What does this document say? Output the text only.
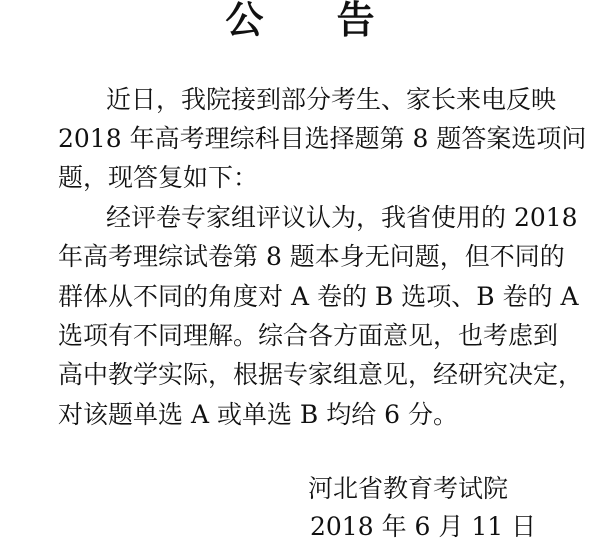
公 告
近日，我院接到部分考生、家长来电反映
2018 年高考理综科目选择题第 8 题答案选项问
题，现答复如下：
经评卷专家组评议认为，我省使用的 2018
年高考理综试卷第 8 题本身无问题，但不同的
群体从不同的角度对 A 卷的 B 选项、B 卷的 A
选项有不同理解。综合各方面意见，也考虑到
高中教学实际，根据专家组意见，经研究决定，
对该题单选 A 或单选 B 均给 6 分。
河北省教育考试院
2018 年 6 月 11 日
